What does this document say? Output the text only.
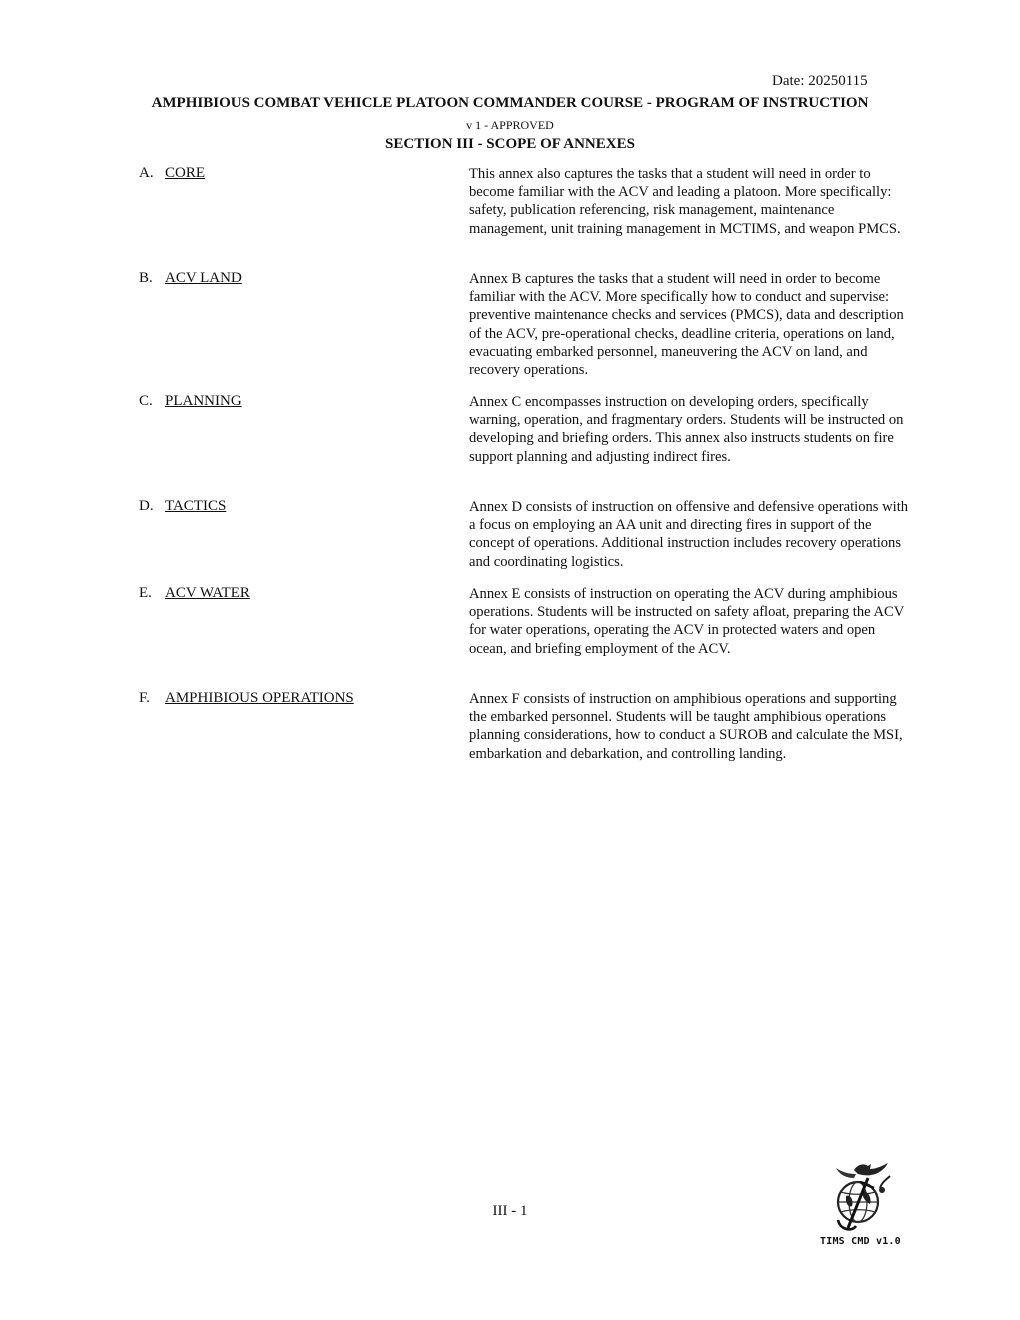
Date: 20250115
AMPHIBIOUS COMBAT VEHICLE PLATOON COMMANDER COURSE - PROGRAM OF INSTRUCTION
v 1 - APPROVED
SECTION III - SCOPE OF ANNEXES
A. CORE	This annex also captures the tasks that a student will need in order to become familiar with the ACV and leading a platoon. More specifically: safety, publication referencing, risk management, maintenance management, unit training management in MCTIMS, and weapon PMCS.

B. ACV LAND	Annex B captures the tasks that a student will need in order to become familiar with the ACV. More specifically how to conduct and supervise: preventive maintenance checks and services (PMCS), data and description of the ACV, pre-operational checks, deadline criteria, operations on land, evacuating embarked personnel, maneuvering the ACV on land, and recovery operations.

C. PLANNING	Annex C encompasses instruction on developing orders, specifically warning, operation, and fragmentary orders. Students will be instructed on developing and briefing orders. This annex also instructs students on fire support planning and adjusting indirect fires.

D. TACTICS	Annex D consists of instruction on offensive and defensive operations with a focus on employing an AA unit and directing fires in support of the concept of operations. Additional instruction includes recovery operations and coordinating logistics.

E. ACV WATER	Annex E consists of instruction on operating the ACV during amphibious operations. Students will be instructed on safety afloat, preparing the ACV for water operations, operating the ACV in protected waters and open ocean, and briefing employment of the ACV.

F. AMPHIBIOUS OPERATIONS	Annex F consists of instruction on amphibious operations and supporting the embarked personnel. Students will be taught amphibious operations planning considerations, how to conduct a SUROB and calculate the MSI, embarkation and debarkation, and controlling landing.

III - 1
TIMS CMD v1.0
